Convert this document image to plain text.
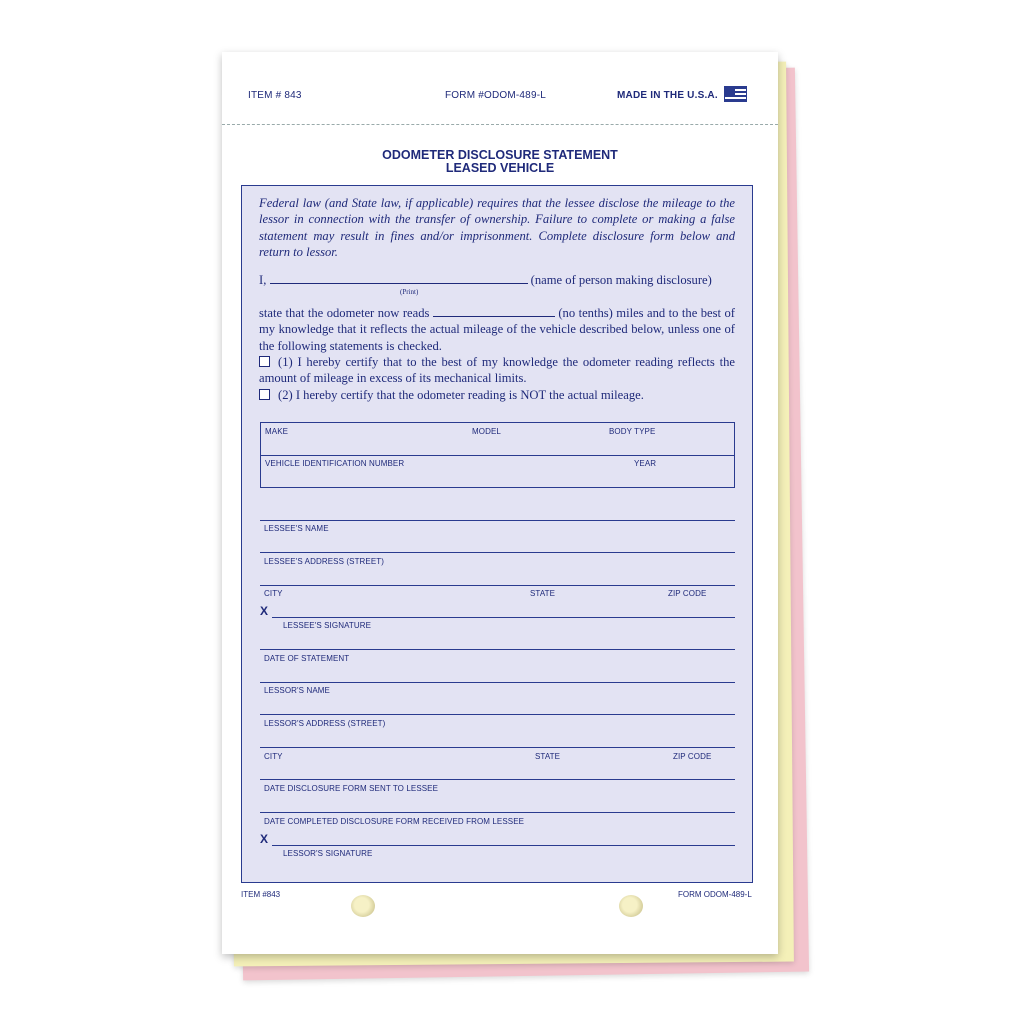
ITEM # 843	FORM #ODOM-489-L	MADE IN THE U.S.A.
ODOMETER DISCLOSURE STATEMENT
LEASED VEHICLE
Federal law (and State law, if applicable) requires that the lessee disclose the mileage to the lessor in connection with the transfer of ownership. Failure to complete or making a false statement may result in fines and/or imprisonment. Complete disclosure form below and return to lessor.
I,	(name of person making disclosure)
(Print)
state that the odometer now reads	(no tenths) miles and to the best of my knowledge that it reflects the actual mileage of the vehicle described below, unless one of the following statements is checked.
(1) I hereby certify that to the best of my knowledge the odometer reading reflects the amount of mileage in excess of its mechanical limits.
(2) I hereby certify that the odometer reading is NOT the actual mileage.
MAKE	MODEL	BODY TYPE
VEHICLE IDENTIFICATION NUMBER	YEAR
LESSEE'S NAME
LESSEE'S ADDRESS (STREET)
CITY	STATE	ZIP CODE
X
LESSEE'S SIGNATURE
DATE OF STATEMENT
LESSOR'S NAME
LESSOR'S ADDRESS (STREET)
CITY	STATE	ZIP CODE
DATE DISCLOSURE FORM SENT TO LESSEE
DATE COMPLETED DISCLOSURE FORM RECEIVED FROM LESSEE
X
LESSOR'S SIGNATURE
ITEM #843	FORM ODOM-489-L
